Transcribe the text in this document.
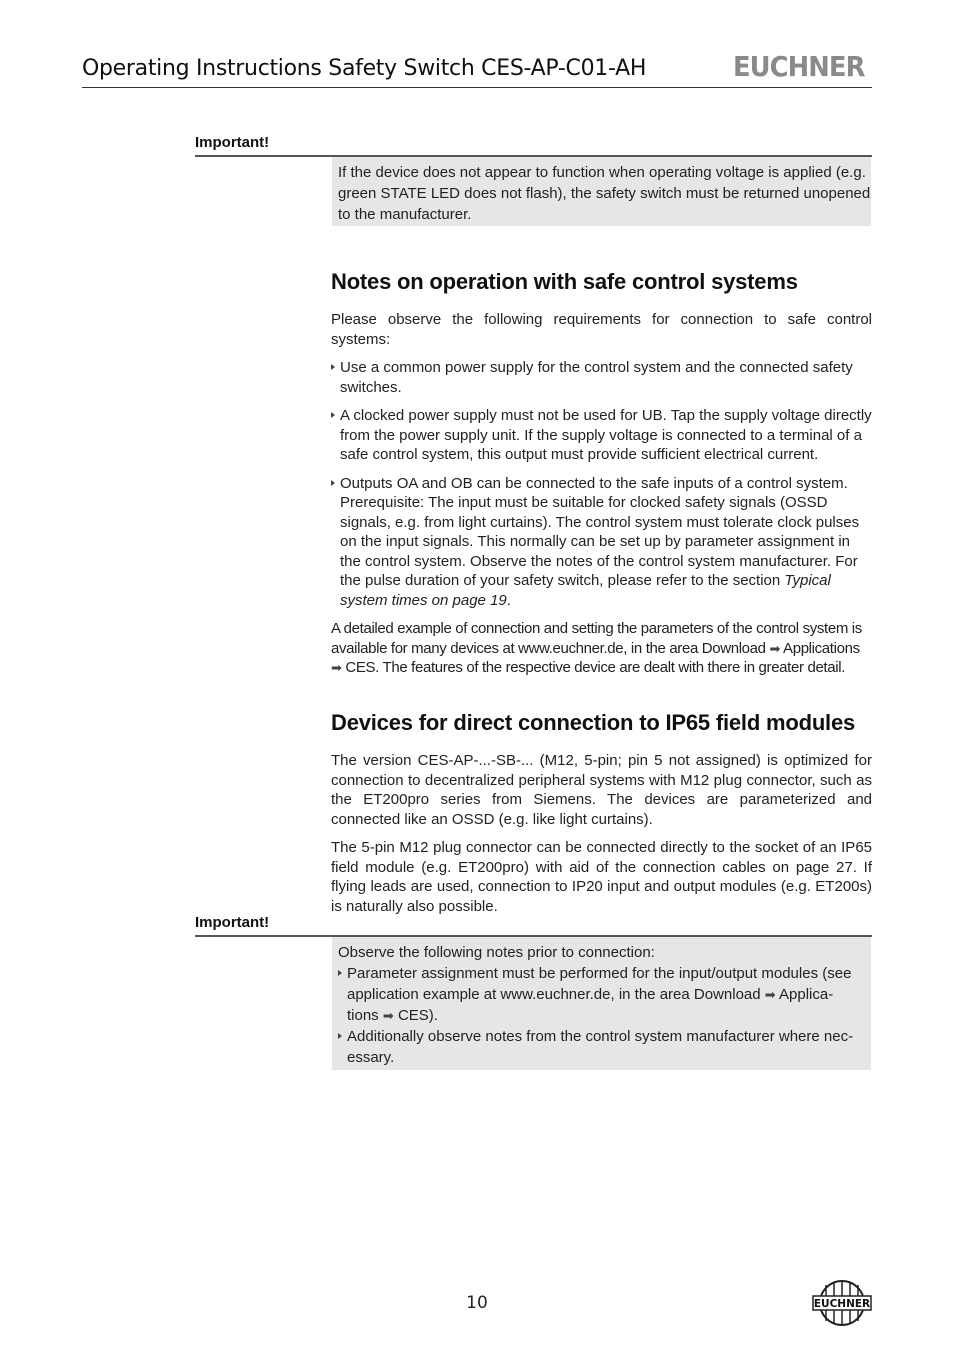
Operating Instructions Safety Switch CES-AP-C01-AH	EUCHNER
Important!
If the device does not appear to function when operating voltage is applied (e.g.
green STATE LED does not flash), the safety switch must be returned unopened
to the manufacturer.
Notes on operation with safe control systems
Please observe the following requirements for connection to safe control systems:
Use a common power supply for the control system and the connected safety switches.
A clocked power supply must not be used for UB. Tap the supply voltage directly from the power supply unit. If the supply voltage is connected to a terminal of a safe control system, this output must provide sufficient electrical current.
Outputs OA and OB can be connected to the safe inputs of a control system. Prerequisite: The input must be suitable for clocked safety signals (OSSD signals, e.g. from light curtains). The control system must tolerate clock pulses on the input signals. This normally can be set up by parameter assignment in the control system. Observe the notes of the control system manufacturer. For the pulse duration of your safety switch, please refer to the section Typical system times on page 19.
A detailed example of connection and setting the parameters of the control system is available for many devices at www.euchner.de, in the area Download ➡ Applications ➡ CES. The features of the respective device are dealt with there in greater detail.
Devices for direct connection to IP65 field modules
The version CES-AP-...-SB-... (M12, 5-pin; pin 5 not assigned) is optimized for connection to decentralized peripheral systems with M12 plug connector, such as the ET200pro series from Siemens. The devices are parameterized and connected like an OSSD (e.g. like light curtains).
The 5-pin M12 plug connector can be connected directly to the socket of an IP65 field module (e.g. ET200pro) with aid of the connection cables on page 27. If flying leads are used, connection to IP20 input and output modules (e.g. ET200s) is naturally also possible.
Important!
Observe the following notes prior to connection:
Parameter assignment must be performed for the input/output modules (see
application example at www.euchner.de, in the area Download ➡ Applica-
tions ➡ CES).
Additionally observe notes from the control system manufacturer where nec-
essary.
10	EUCHNER
